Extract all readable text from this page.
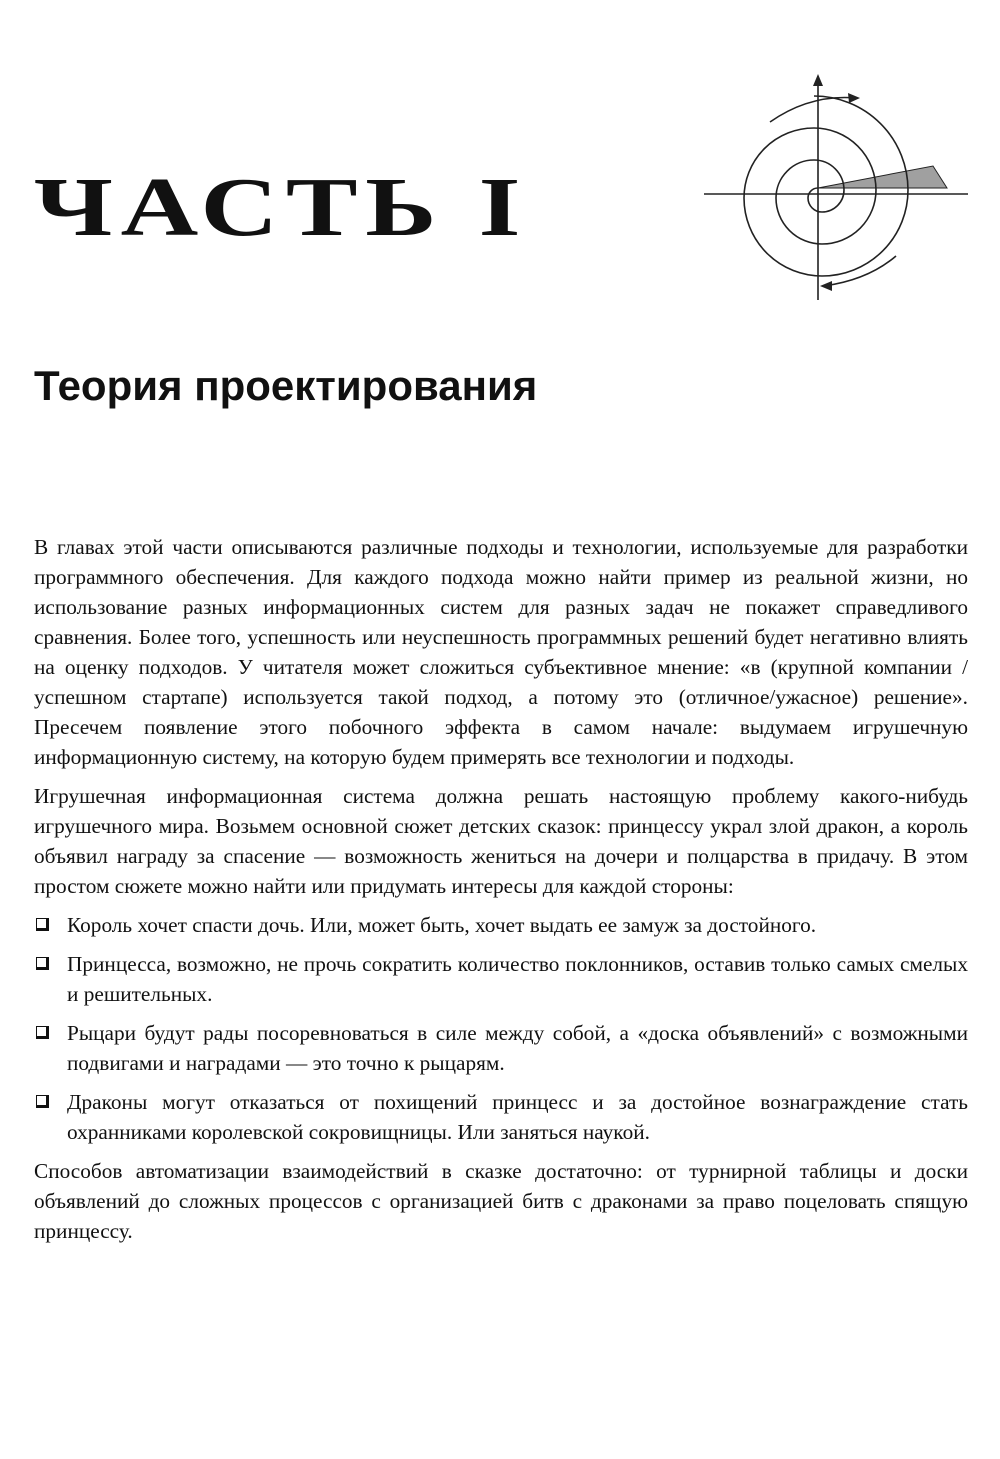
ЧАСТЬ I
Теория проектирования

В главах этой части описываются различные подходы и технологии, используемые для разработки программного обеспечения. Для каждого подхода можно найти пример из реальной жизни, но использование разных информационных систем для разных задач не покажет справедливого сравнения. Более того, успешность или неуспешность программных решений будет негативно влиять на оценку подходов. У читателя может сложиться субъективное мнение: «в (крупной компании / успешном стартапе) используется такой подход, а потому это (отличное/ужасное) решение». Пресечем появление этого побочного эффекта в самом начале: выдумаем игрушечную информационную систему, на которую будем примерять все технологии и подходы.

Игрушечная информационная система должна решать настоящую проблему какого-нибудь игрушечного мира. Возьмем основной сюжет детских сказок: принцессу украл злой дракон, а король объявил награду за спасение — возможность жениться на дочери и полцарства в придачу. В этом простом сюжете можно найти или придумать интересы для каждой стороны:

Король хочет спасти дочь. Или, может быть, хочет выдать ее замуж за достойного.
Принцесса, возможно, не прочь сократить количество поклонников, оставив только самых смелых и решительных.
Рыцари будут рады посоревноваться в силе между собой, а «доска объявлений» с возможными подвигами и наградами — это точно к рыцарям.
Драконы могут отказаться от похищений принцесс и за достойное вознаграждение стать охранниками королевской сокровищницы. Или заняться наукой.

Способов автоматизации взаимодействий в сказке достаточно: от турнирной таблицы и доски объявлений до сложных процессов с организацией битв с драконами за право поцеловать спящую принцессу.
